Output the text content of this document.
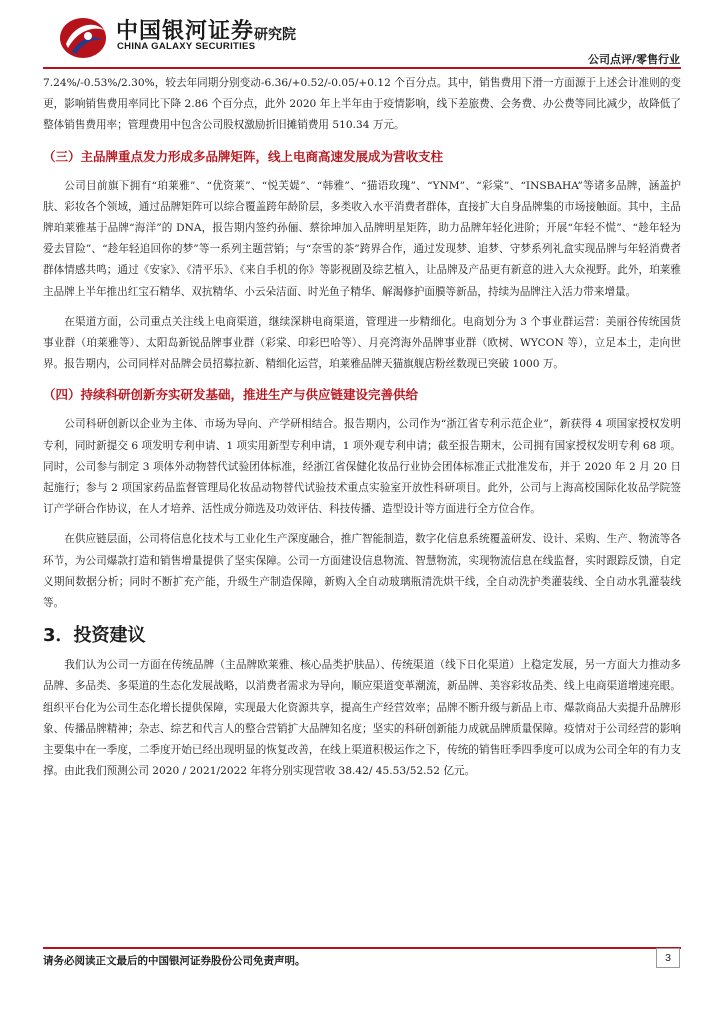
中国银河证券
CHINA GALAXY SECURITIES
研究院
公司点评/零售行业

7.24%/-0.53%/2.30%，较去年同期分别变动-6.36/+0.52/-0.05/+0.12 个百分点。其中，销售费用下滑一方面源于上述会计准则的变更，影响销售费用率同比下降 2.86 个百分点，此外 2020 年上半年由于疫情影响，线下差旅费、会务费、办公费等同比减少，故降低了整体销售费用率；管理费用中包含公司股权激励折旧摊销费用 510.34 万元。

（三）主品牌重点发力形成多品牌矩阵，线上电商高速发展成为营收支柱

公司目前旗下拥有“珀莱雅”、“优资莱”、“悦芙媞”、“韩雅”、“猫语玫瑰”、“YNM”、“彩棠”、“INSBAHA”等诸多品牌，涵盖护肤、彩妆各个领域，通过品牌矩阵可以综合覆盖跨年龄阶层，多类收入水平消费者群体，直接扩大自身品牌集的市场接触面。其中，主品牌珀莱雅基于品牌“海洋”的 DNA，报告期内签约孙俪、蔡徐坤加入品牌明星矩阵，助力品牌年轻化进阶；开展“年轻不慌”、“趁年轻为爱去冒险”、“趁年轻追回你的梦”等一系列主题营销；与“奈雪的茶”跨界合作，通过发现梦、追梦、守梦系列礼盒实现品牌与年轻消费者群体情感共鸣；通过《安家》、《清平乐》、《来自手机的你》等影视剧及综艺植入，让品牌及产品更有新意的进入大众视野。此外，珀莱雅主品牌上半年推出红宝石精华、双抗精华、小云朵洁面、时光鱼子精华、解渴修护面膜等新品，持续为品牌注入活力带来增量。

在渠道方面，公司重点关注线上电商渠道，继续深耕电商渠道，管理进一步精细化。电商划分为 3 个事业群运营：美丽谷传统国货事业群（珀莱雅等）、太阳岛新锐品牌事业群（彩棠、印彩巴哈等）、月亮湾海外品牌事业群（欧树、WYCON 等），立足本土，走向世界。报告期内，公司同样对品牌会员招募拉新、精细化运营，珀莱雅品牌天猫旗舰店粉丝数现已突破 1000 万。

（四）持续科研创新夯实研发基础，推进生产与供应链建设完善供给

公司科研创新以企业为主体、市场为导向、产学研相结合。报告期内，公司作为“浙江省专利示范企业”，新获得 4 项国家授权发明专利，同时新提交 6 项发明专利申请、1 项实用新型专利申请，1 项外观专利申请；截至报告期末，公司拥有国家授权发明专利 68 项。同时，公司参与制定 3 项体外动物替代试验团体标准，经浙江省保健化妆品行业协会团体标准正式批准发布，并于 2020 年 2 月 20 日起施行；参与 2 项国家药品监督管理局化妆品动物替代试验技术重点实验室开放性科研项目。此外，公司与上海高校国际化妆品学院签订产学研合作协议，在人才培养、活性成分筛选及功效评估、科技传播、造型设计等方面进行全方位合作。

在供应链层面，公司将信息化技术与工业化生产深度融合，推广智能制造，数字化信息系统覆盖研发、设计、采购、生产、物流等各环节，为公司爆款打造和销售增量提供了坚实保障。公司一方面建设信息物流、智慧物流，实现物流信息在线监督，实时跟踪反馈，自定义期间数据分析；同时不断扩充产能，升级生产制造保障，新购入全自动玻璃瓶清洗烘干线，全自动洗护类灌装线、全自动水乳灌装线等。

3．投资建议

我们认为公司一方面在传统品牌（主品牌欧莱雅、核心品类护肤品）、传统渠道（线下日化渠道）上稳定发展，另一方面大力推动多品牌、多品类、多渠道的生态化发展战略，以消费者需求为导向，顺应渠道变革潮流，新品牌、美容彩妆品类、线上电商渠道增速亮眼。组织平台化为公司生态化增长提供保障，实现最大化资源共享，提高生产经营效率；品牌不断升级与新品上市、爆款商品大卖提升品牌形象、传播品牌精神；杂志、综艺和代言人的整合营销扩大品牌知名度；坚实的科研创新能力成就品牌质量保障。疫情对于公司经营的影响主要集中在一季度，二季度开始已经出现明显的恢复改善，在线上渠道积极运作之下，传统的销售旺季四季度可以成为公司全年的有力支撑。由此我们预测公司 2020 / 2021/2022 年将分别实现营收 38.42/ 45.53/52.52 亿元。

请务必阅读正文最后的中国银河证券股份公司免责声明。	3
